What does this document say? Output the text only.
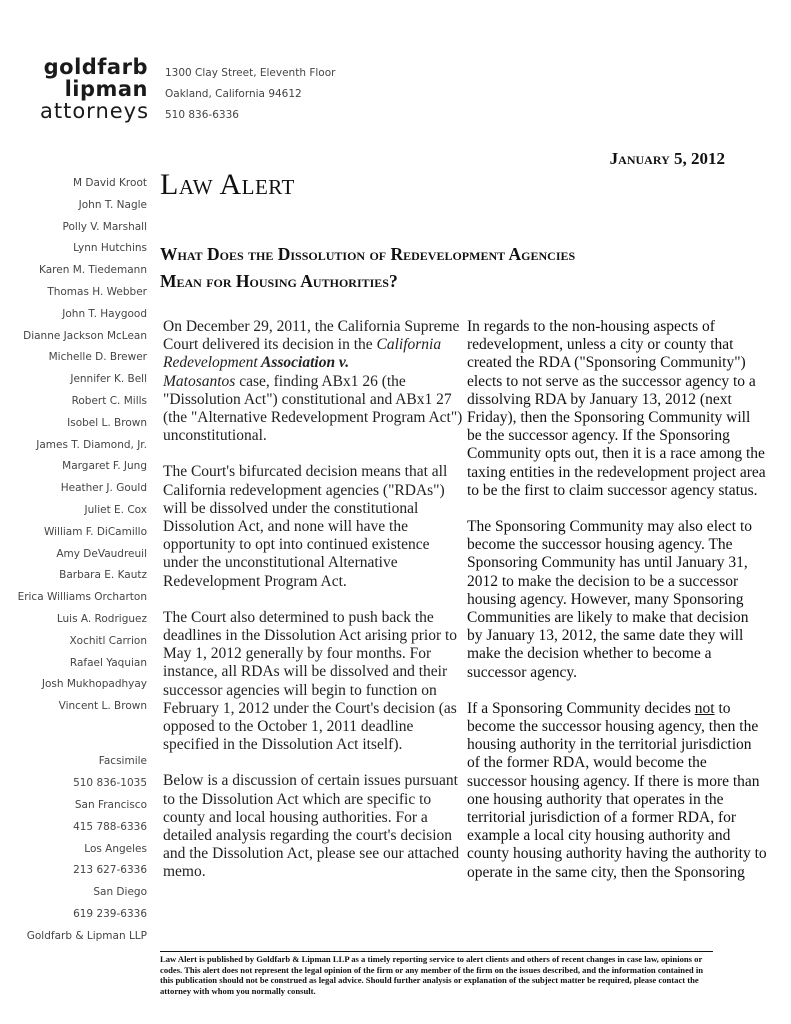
goldfarb
lipman
attorneys
1300 Clay Street, Eleventh Floor
Oakland, California 94612
510 836-6336
M David Kroot
John T. Nagle
Polly V. Marshall
Lynn Hutchins
Karen M. Tiedemann
Thomas H. Webber
John T. Haygood
Dianne Jackson McLean
Michelle D. Brewer
Jennifer K. Bell
Robert C. Mills
Isobel L. Brown
James T. Diamond, Jr.
Margaret F. Jung
Heather J. Gould
Juliet E. Cox
William F. DiCamillo
Amy DeVaudreuil
Barbara E. Kautz
Erica Williams Orcharton
Luis A. Rodriguez
Xochitl Carrion
Rafael Yaquian
Josh Mukhopadhyay
Vincent L. Brown
Facsimile
510 836-1035
San Francisco
415 788-6336
Los Angeles
213 627-6336
San Diego
619 239-6336
Goldfarb & Lipman LLP
January 5, 2012
Law Alert
What Does the Dissolution of Redevelopment Agencies
Mean for Housing Authorities?

On December 29, 2011, the California Supreme Court delivered its decision in the California Redevelopment Association v.
Matosantos case, finding ABx1 26 (the "Dissolution Act") constitutional and ABx1 27 (the "Alternative Redevelopment Program Act") unconstitutional.

The Court's bifurcated decision means that all California redevelopment agencies ("RDAs") will be dissolved under the constitutional Dissolution Act, and none will have the opportunity to opt into continued existence under the unconstitutional Alternative Redevelopment Program Act.

The Court also determined to push back the deadlines in the Dissolution Act arising prior to May 1, 2012 generally by four months. For instance, all RDAs will be dissolved and their successor agencies will begin to function on February 1, 2012 under the Court's decision (as opposed to the October 1, 2011 deadline specified in the Dissolution Act itself).

Below is a discussion of certain issues pursuant to the Dissolution Act which are specific to county and local housing authorities. For a detailed analysis regarding the court's decision and the Dissolution Act, please see our attached memo.

In regards to the non-housing aspects of redevelopment, unless a city or county that created the RDA ("Sponsoring Community") elects to not serve as the successor agency to a dissolving RDA by January 13, 2012 (next Friday), then the Sponsoring Community will be the successor agency. If the Sponsoring Community opts out, then it is a race among the taxing entities in the redevelopment project area to be the first to claim successor agency status.

The Sponsoring Community may also elect to become the successor housing agency. The Sponsoring Community has until January 31, 2012 to make the decision to be a successor housing agency. However, many Sponsoring Communities are likely to make that decision by January 13, 2012, the same date they will make the decision whether to become a successor agency.

If a Sponsoring Community decides not to become the successor housing agency, then the housing authority in the territorial jurisdiction of the former RDA, would become the successor housing agency. If there is more than one housing authority that operates in the territorial jurisdiction of a former RDA, for example a local city housing authority and county housing authority having the authority to operate in the same city, then the Sponsoring

Law Alert is published by Goldfarb & Lipman LLP as a timely reporting service to alert clients and others of recent changes in case law, opinions or codes. This alert does not represent the legal opinion of the firm or any member of the firm on the issues described, and the information contained in this publication should not be construed as legal advice. Should further analysis or explanation of the subject matter be required, please contact the attorney with whom you normally consult.
